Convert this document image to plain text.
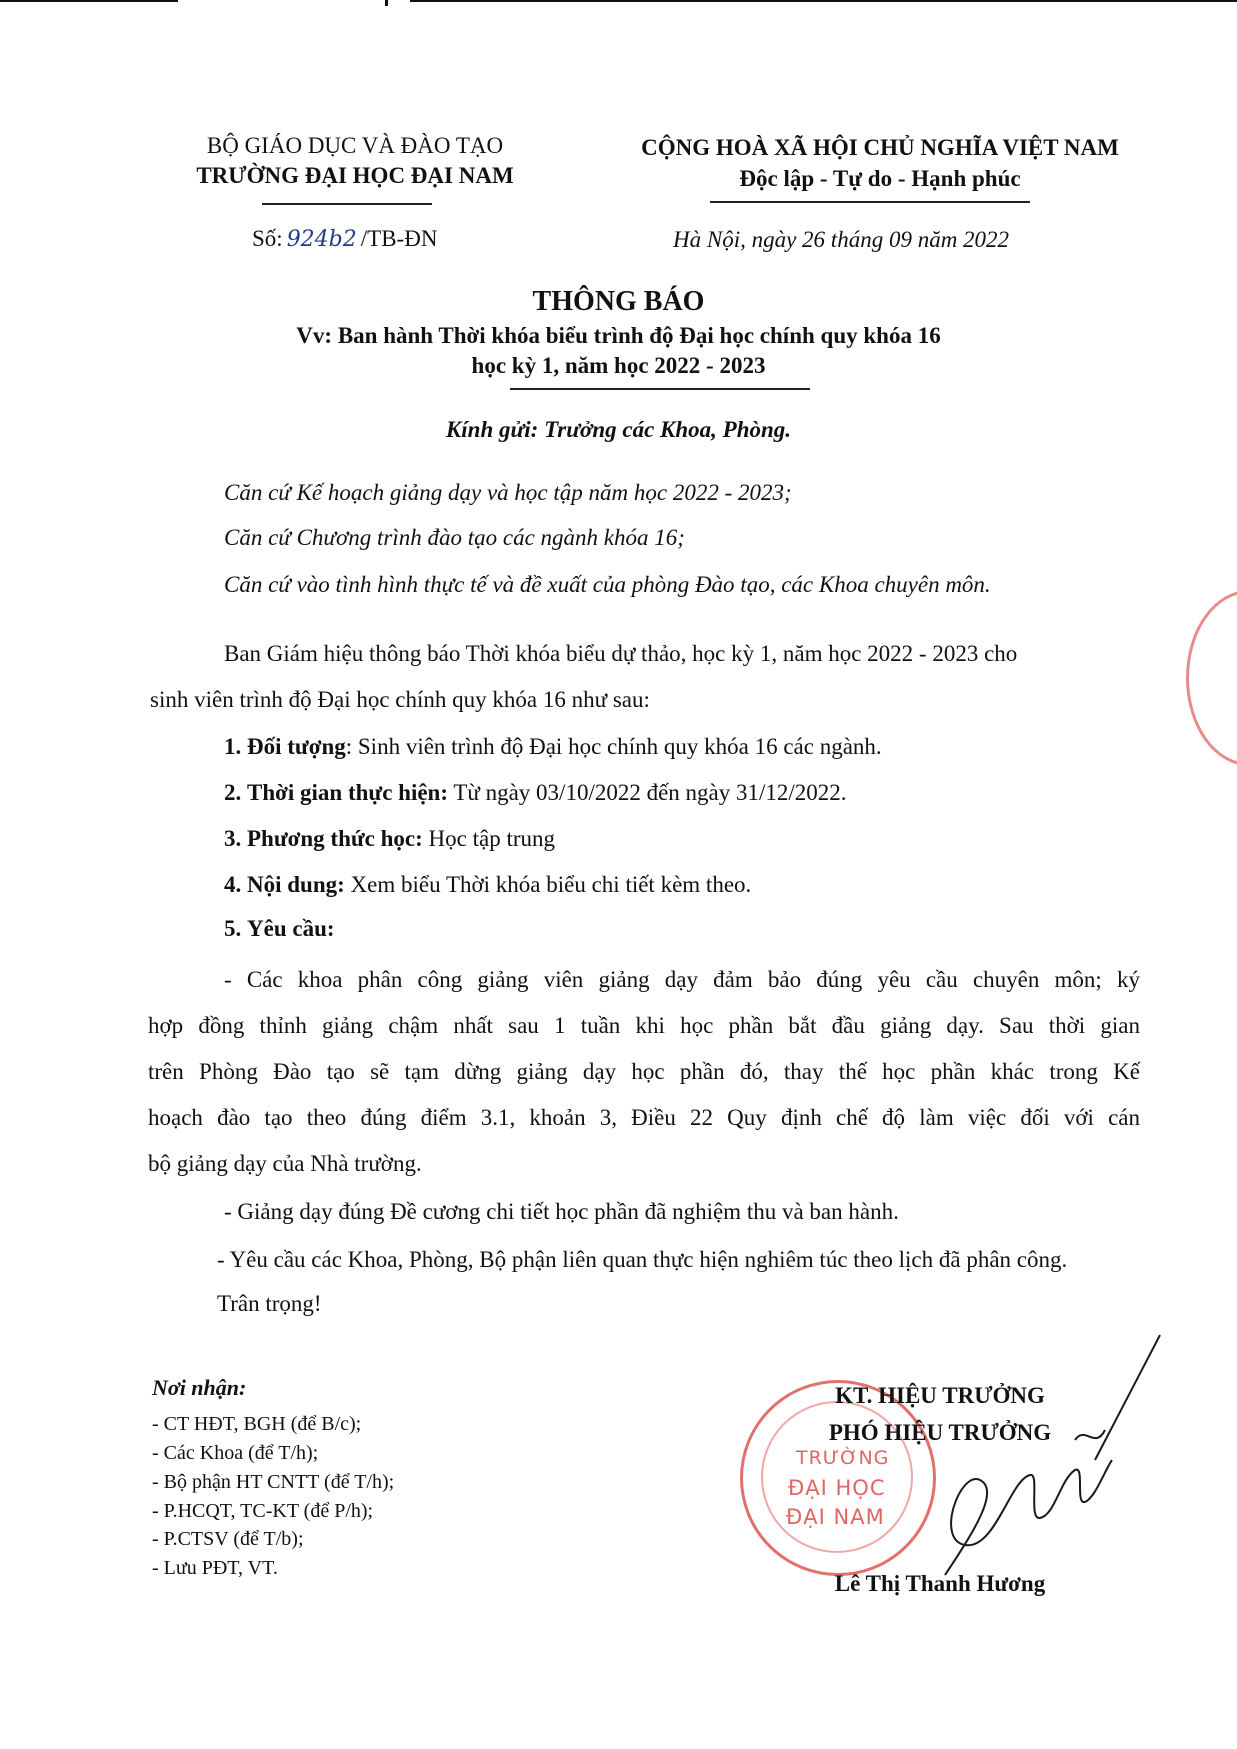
BỘ GIÁO DỤC VÀ ĐÀO TẠO
TRƯỜNG ĐẠI HỌC ĐẠI NAM
Số: 924b2 /TB-ĐN
CỘNG HOÀ XÃ HỘI CHỦ NGHĨA VIỆT NAM
Độc lập - Tự do - Hạnh phúc
Hà Nội, ngày 26 tháng 09 năm 2022
THÔNG BÁO
Vv: Ban hành Thời khóa biểu trình độ Đại học chính quy khóa 16
học kỳ 1, năm học 2022 - 2023
Kính gửi: Trưởng các Khoa, Phòng.
Căn cứ Kế hoạch giảng dạy và học tập năm học 2022 - 2023;
Căn cứ Chương trình đào tạo các ngành khóa 16;
Căn cứ vào tình hình thực tế và đề xuất của phòng Đào tạo, các Khoa chuyên môn.
Ban Giám hiệu thông báo Thời khóa biểu dự thảo, học kỳ 1, năm học 2022 - 2023 cho
sinh viên trình độ Đại học chính quy khóa 16 như sau:
1. Đối tượng: Sinh viên trình độ Đại học chính quy khóa 16 các ngành.
2. Thời gian thực hiện: Từ ngày 03/10/2022 đến ngày 31/12/2022.
3. Phương thức học: Học tập trung
4. Nội dung: Xem biểu Thời khóa biểu chi tiết kèm theo.
5. Yêu cầu:
- Các khoa phân công giảng viên giảng dạy đảm bảo đúng yêu cầu chuyên môn; ký
hợp đồng thỉnh giảng chậm nhất sau 1 tuần khi học phần bắt đầu giảng dạy. Sau thời gian
trên Phòng Đào tạo sẽ tạm dừng giảng dạy học phần đó, thay thế học phần khác trong Kế
hoạch đào tạo theo đúng điểm 3.1, khoản 3, Điều 22 Quy định chế độ làm việc đối với cán
bộ giảng dạy của Nhà trường.
- Giảng dạy đúng Đề cương chi tiết học phần đã nghiệm thu và ban hành.
- Yêu cầu các Khoa, Phòng, Bộ phận liên quan thực hiện nghiêm túc theo lịch đã phân công.
Trân trọng!
Nơi nhận:
- CT HĐT, BGH (để B/c);
- Các Khoa (để T/h);
- Bộ phận HT CNTT (để T/h);
- P.HCQT, TC-KT (để P/h);
- P.CTSV (để T/b);
- Lưu PĐT, VT.
TRƯỜNG
ĐẠI HỌC
ĐẠI NAM
KT. HIỆU TRƯỞNG
PHÓ HIỆU TRƯỞNG
Lê Thị Thanh Hương
